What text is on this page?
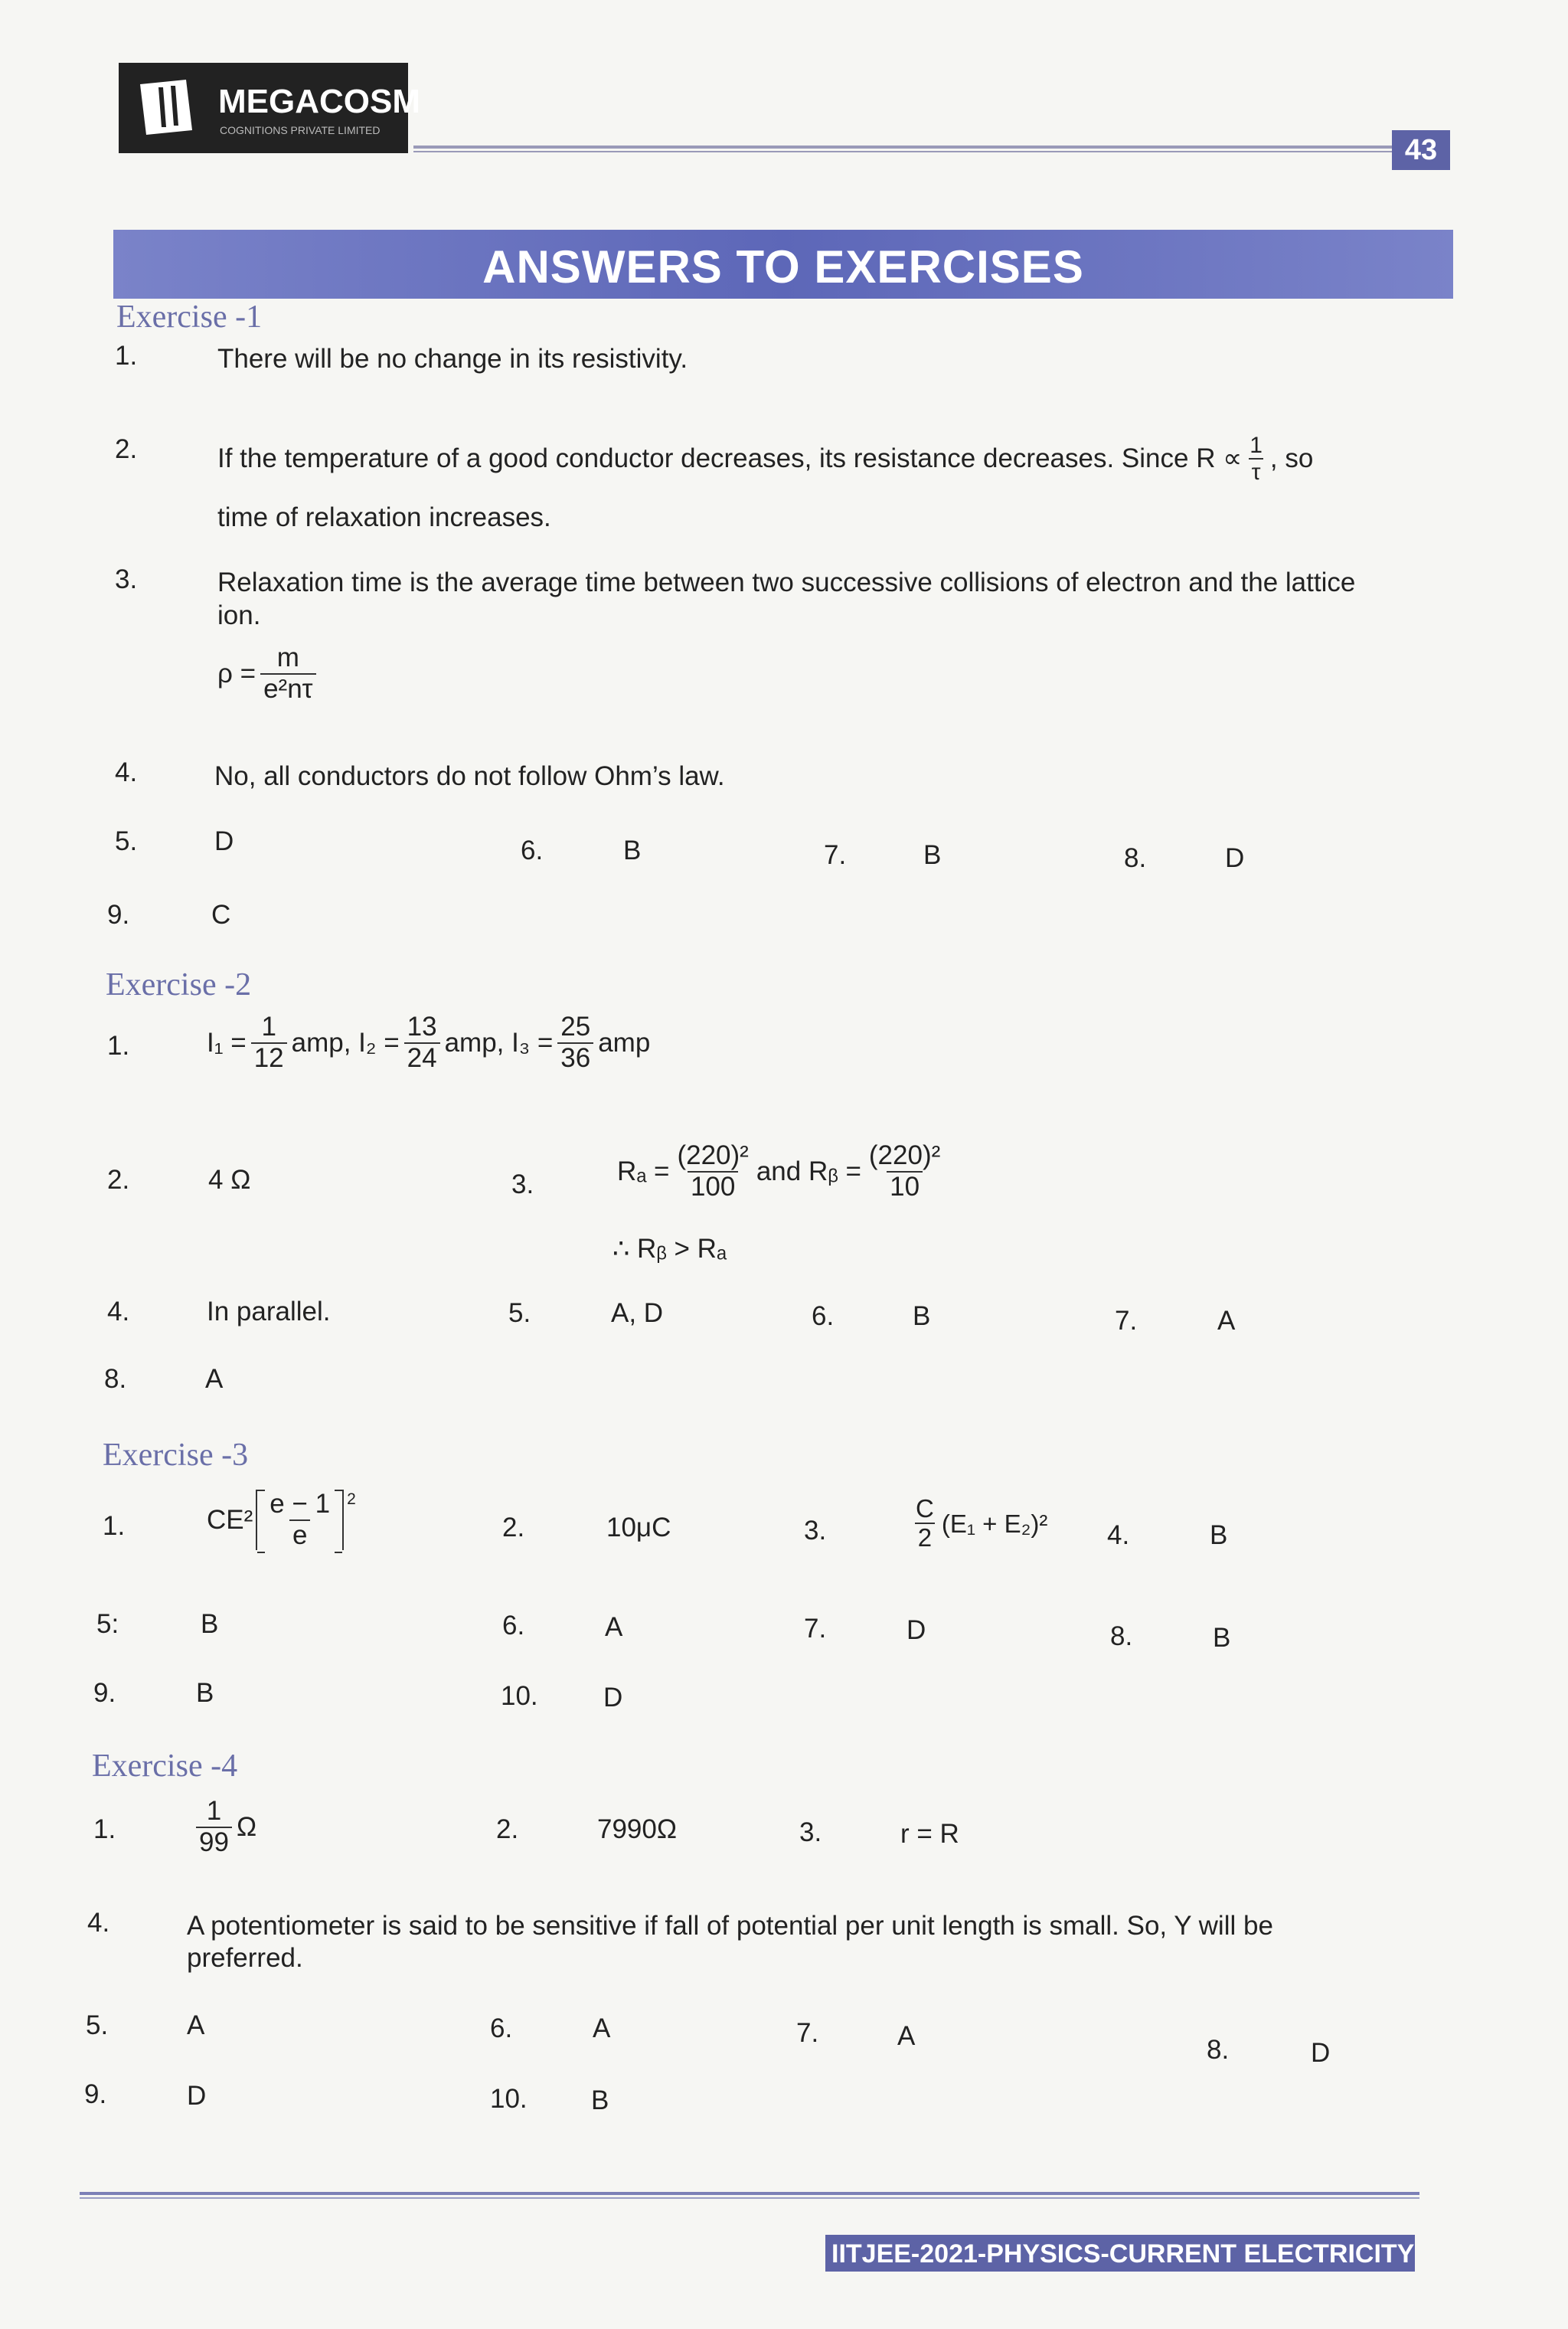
MEGACOSM
COGNITIONS PRIVATE LIMITED
43
ANSWERS TO EXERCISES
Exercise -1
1.	There will be no change in its resistivity.
2.	If the temperature of a good conductor decreases, its resistance decreases. Since $R \propto \frac{1}{\tau}$ , so
time of relaxation increases.
3.	Relaxation time is the average time between two successive collisions of electron and the lattice
ion.
$\rho = \frac{m}{\text{e²nτ}}$
4.	No, all conductors do not follow Ohm’s law.
5.	D	6.	B	7.	B	8.	D
9.	C
Exercise -2
1.	$I_1 = \frac{1}{12}$ amp, $I_2 = \frac{13}{24}$ amp, $I_3 = \frac{25}{36}$ amp
2.	4 Ω	3.	$R_a = \frac{\text{(220)²}}{100}$ and Rᵦ = $\frac{\text{(220)²}}{10}$
∴ Rᵦ > Rₐ
4.	In parallel.	5.	A, D	6.	B	7.	A
8.	A
Exercise -3
1.	$CE^2 \frac{e - 1}{e} ^2$
2.	10μC	3.	$\frac{C}{2} (E_1 + E_2)^2$ 4.	B
5:	B	6.	A	7.	D	8.	B
9.	B	10. D
Exercise -4
1.	$\frac{1}{99}$ Ω	2.	7990Ω	3.	r = R
4.	A potentiometer is said to be sensitive if fall of potential per unit length is small. So, Y will be
preferred.
5.	A	6.	A	7.	A	8.	D
9.	D	10. B
IITJEE-2021-PHYSICS-CURRENT ELECTRICITY
